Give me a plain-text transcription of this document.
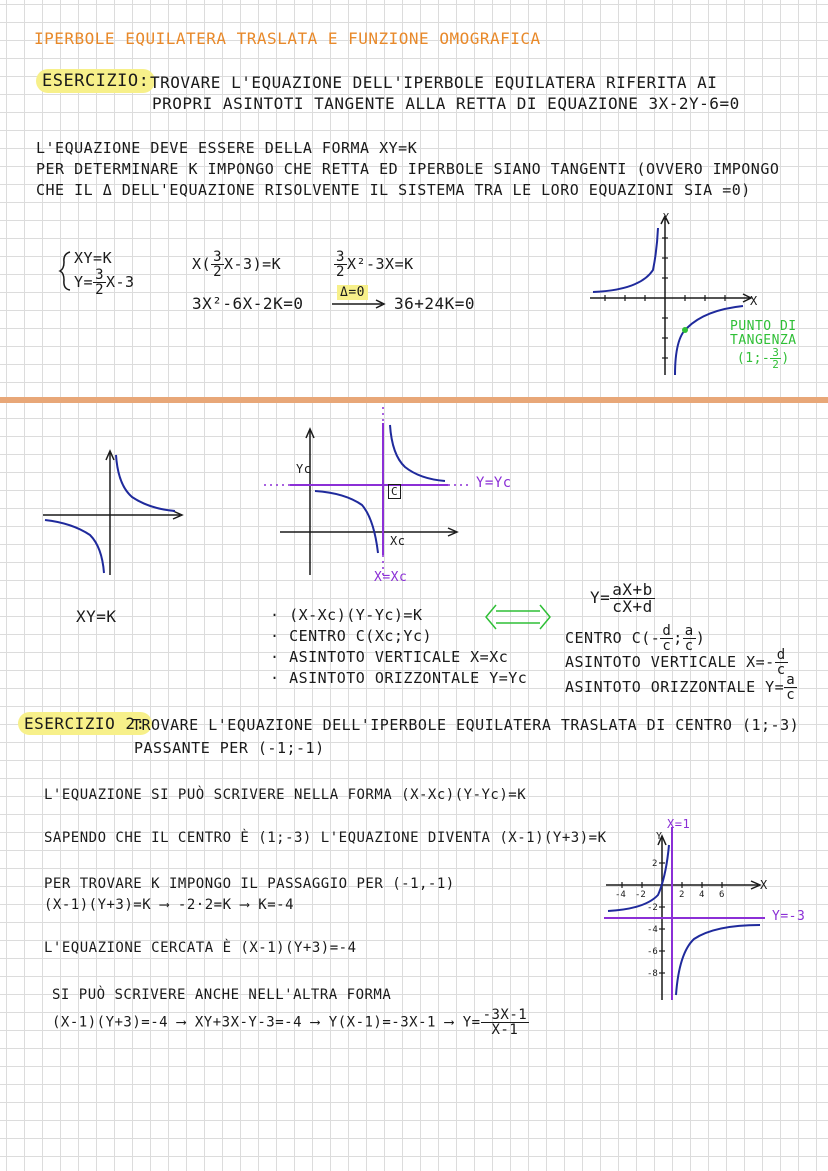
IPERBOLE EQUILATERA TRASLATA E FUNZIONE OMOGRAFICA
ESERCIZIO: TROVARE L'EQUAZIONE DELL'IPERBOLE EQUILATERA RIFERITA AI
PROPRI ASINTOTI TANGENTE ALLA RETTA DI EQUAZIONE 3X-2Y-6=0
L'EQUAZIONE DEVE ESSERE DELLA FORMA XY=K
PER DETERMINARE K IMPONGO CHE RETTA ED IPERBOLE SIANO TANGENTI (OVVERO IMPONGO
CHE IL Δ DELL'EQUAZIONE RISOLVENTE IL SISTEMA TRA LE LORO EQUAZIONI SIA =0)
XY=K
$Y= \frac{3}{2} X-3$
$X( \frac{3}{2} X-3)=K$	$\frac{3}{2} X^2-3X=K$
3X²-6X-2K=0
Δ=0
36+24K=0	X
Y
PUNTO DI
TANGENZA
(1;- $\frac{3}{2}$ )
XY=K
Yc
Y=Yc
C
Xc
X=Xc
· (X-Xc)(Y-Yc)=K
· CENTRO C(Xc;Yc)
· ASINTOTO VERTICALE X=Xc
· ASINTOTO ORIZZONTALE Y=Yc
$Y= \frac{aX+b}{cX+d}$
CENTRO $C(- \frac{d}{c}$ ; $\frac{a}{c}$ )
ASINTOTO VERTICALE $X=- \frac{d}{c}$
ASINTOTO ORIZZONTALE $Y= \frac{a}{c}$
ESERCIZIO 2:
TROVARE L'EQUAZIONE DELL'IPERBOLE EQUILATERA TRASLATA DI CENTRO (1;-3)
PASSANTE PER (-1;-1)
L'EQUAZIONE SI PUÒ SCRIVERE NELLA FORMA (X-Xc)(Y-Yc)=K
SAPENDO CHE IL CENTRO È (1;-3) L'EQUAZIONE DIVENTA (X-1)(Y+3)=K
PER TROVARE K IMPONGO IL PASSAGGIO PER (-1,-1)
(X-1)(Y+3)=K ⟶ -2·2=K ⟶ K=-4
L'EQUAZIONE CERCATA È (X-1)(Y+3)=-4
SI PUÒ SCRIVERE ANCHE NELL'ALTRA FORMA
(X-1)(Y+3)=-4 ⟶ XY+3X-Y-3=-4 ⟶ Y(X-1)=-3X-1 ⟶ $Y= \frac{-3X-1}{X-1}$
-4 -2	2 4 6
2
-2
-4
-6
-8
X
Y
X=1
Y=-3
